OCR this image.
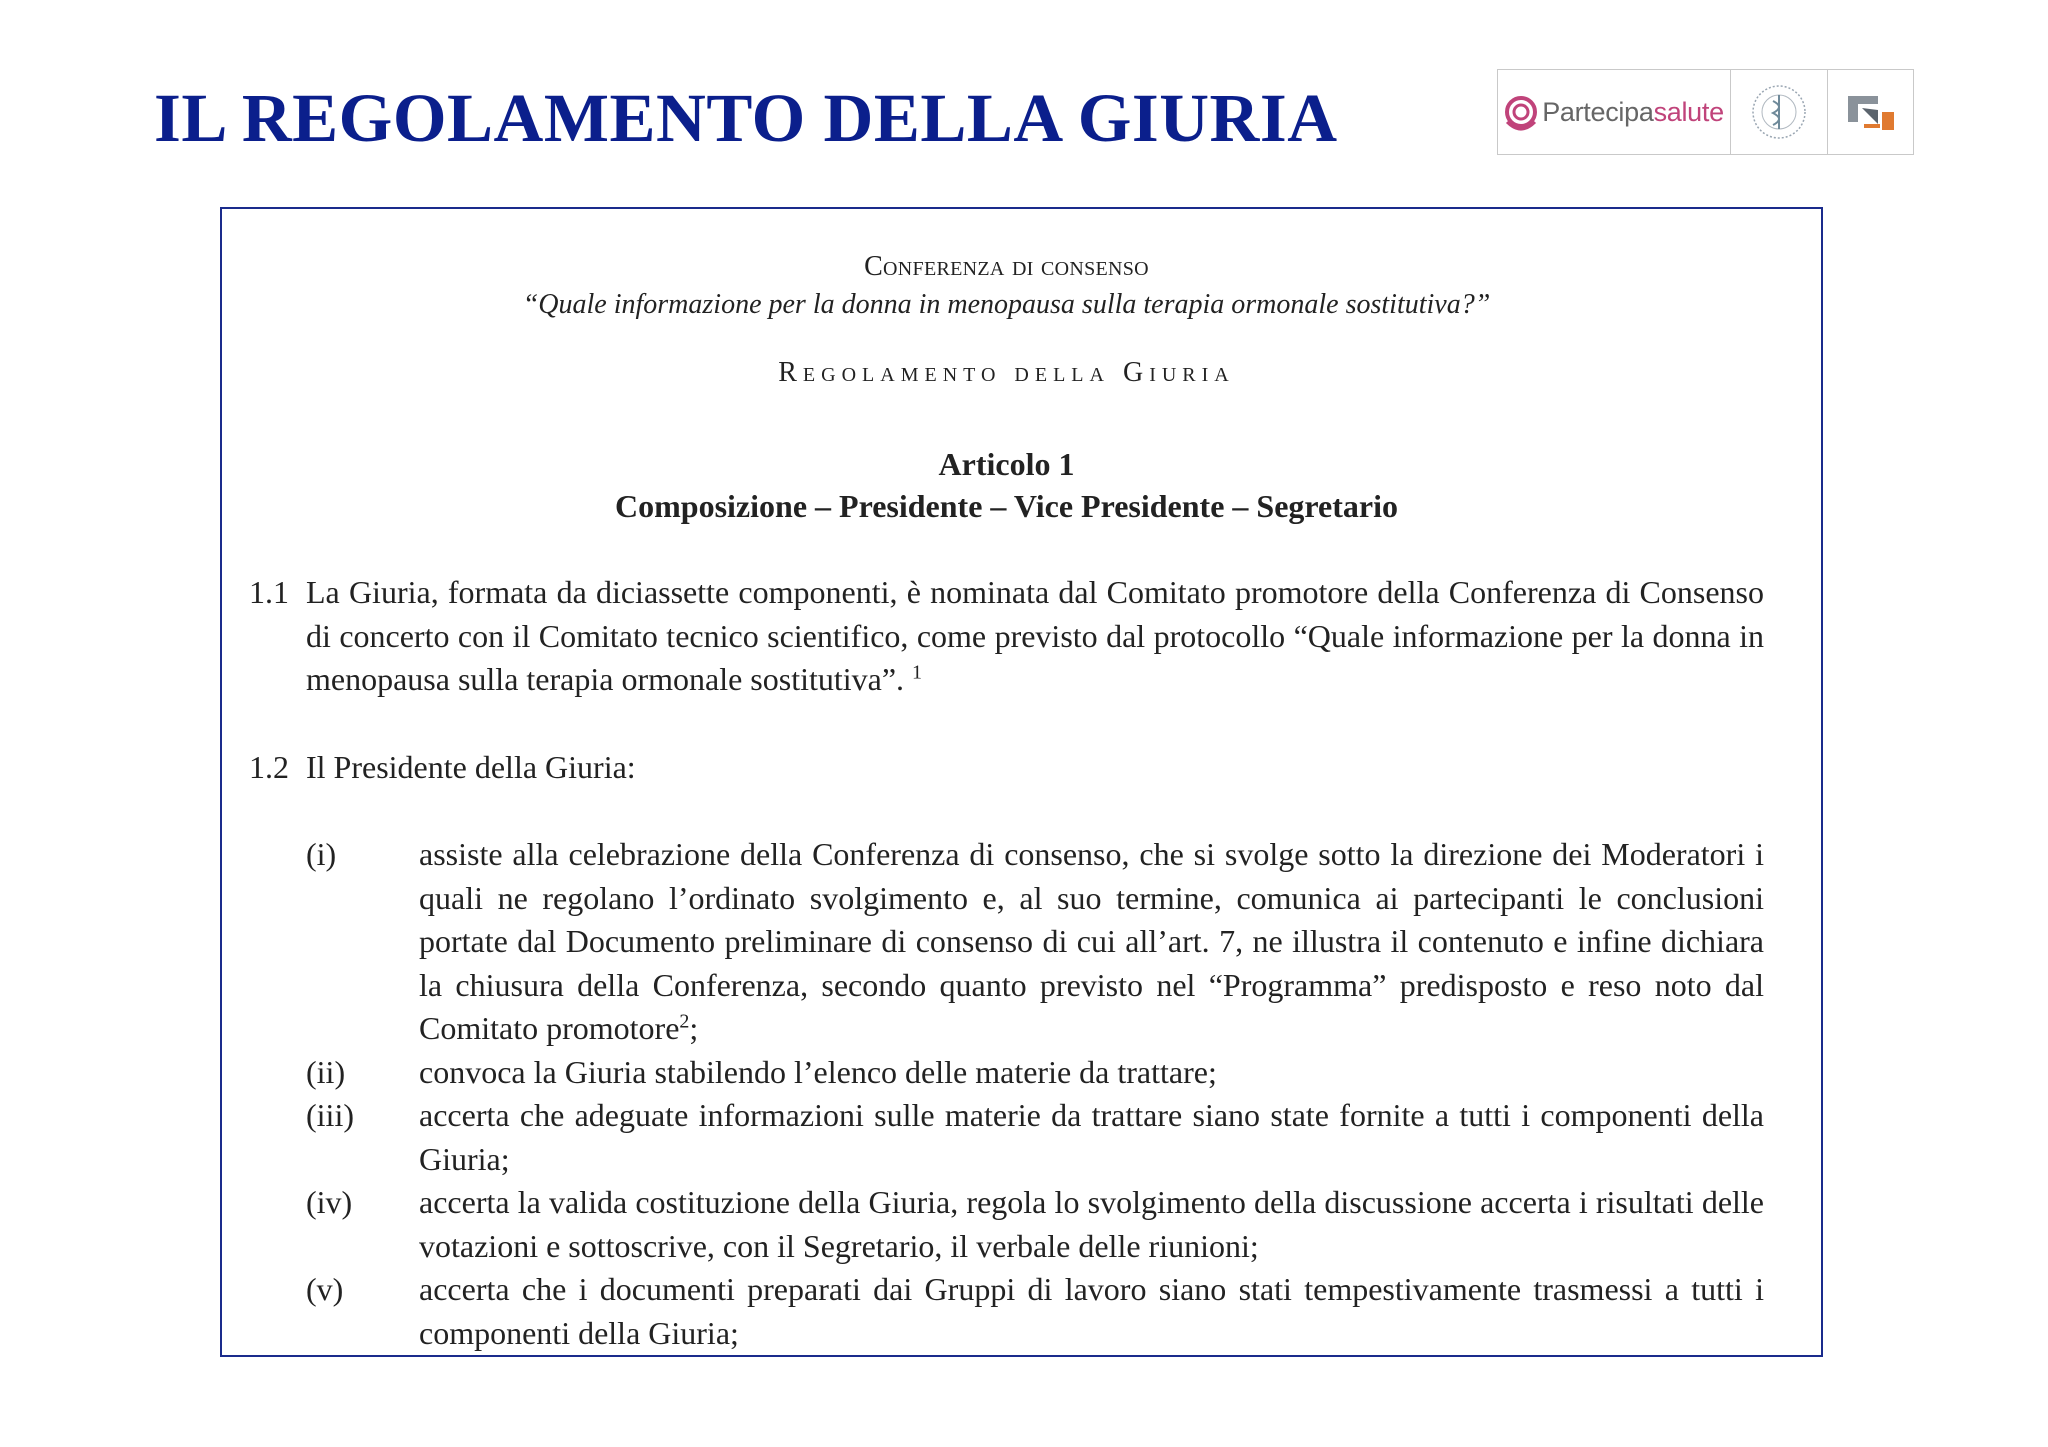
IL REGOLAMENTO DELLA GIURIA	Partecipasalute
Conferenza di consenso
“Quale informazione per la donna in menopausa sulla terapia ormonale sostitutiva?”
Regolamento della Giuria
Articolo 1
Composizione – Presidente – Vice Presidente – Segretario
1.1 La Giuria, formata da diciassette componenti, è nominata dal Comitato promotore della Conferenza di Consenso di concerto con il Comitato tecnico scientifico, come previsto dal protocollo “Quale informazione per la donna in menopausa sulla terapia ormonale sostitutiva”. $^1$
1.2 Il Presidente della Giuria:
(i)	assiste alla celebrazione della Conferenza di consenso, che si svolge sotto la direzione dei Moderatori i quali ne regolano l’ordinato svolgimento e, al suo termine, comunica ai partecipanti le conclusioni portate dal Documento preliminare di consenso di cui all’art. 7, ne illustra il contenuto e infine dichiara la chiusura della Conferenza, secondo quanto previsto nel “Programma” predisposto e reso noto dal Comitato promotore$^2$;
(ii)	convoca la Giuria stabilendo l’elenco delle materie da trattare;
(iii)	accerta che adeguate informazioni sulle materie da trattare siano state fornite a tutti i componenti della Giuria;
(iv)	accerta la valida costituzione della Giuria, regola lo svolgimento della discussione accerta i risultati delle votazioni e sottoscrive, con il Segretario, il verbale delle riunioni;
(v)	accerta che i documenti preparati dai Gruppi di lavoro siano stati tempestivamente trasmessi a tutti i componenti della Giuria;
